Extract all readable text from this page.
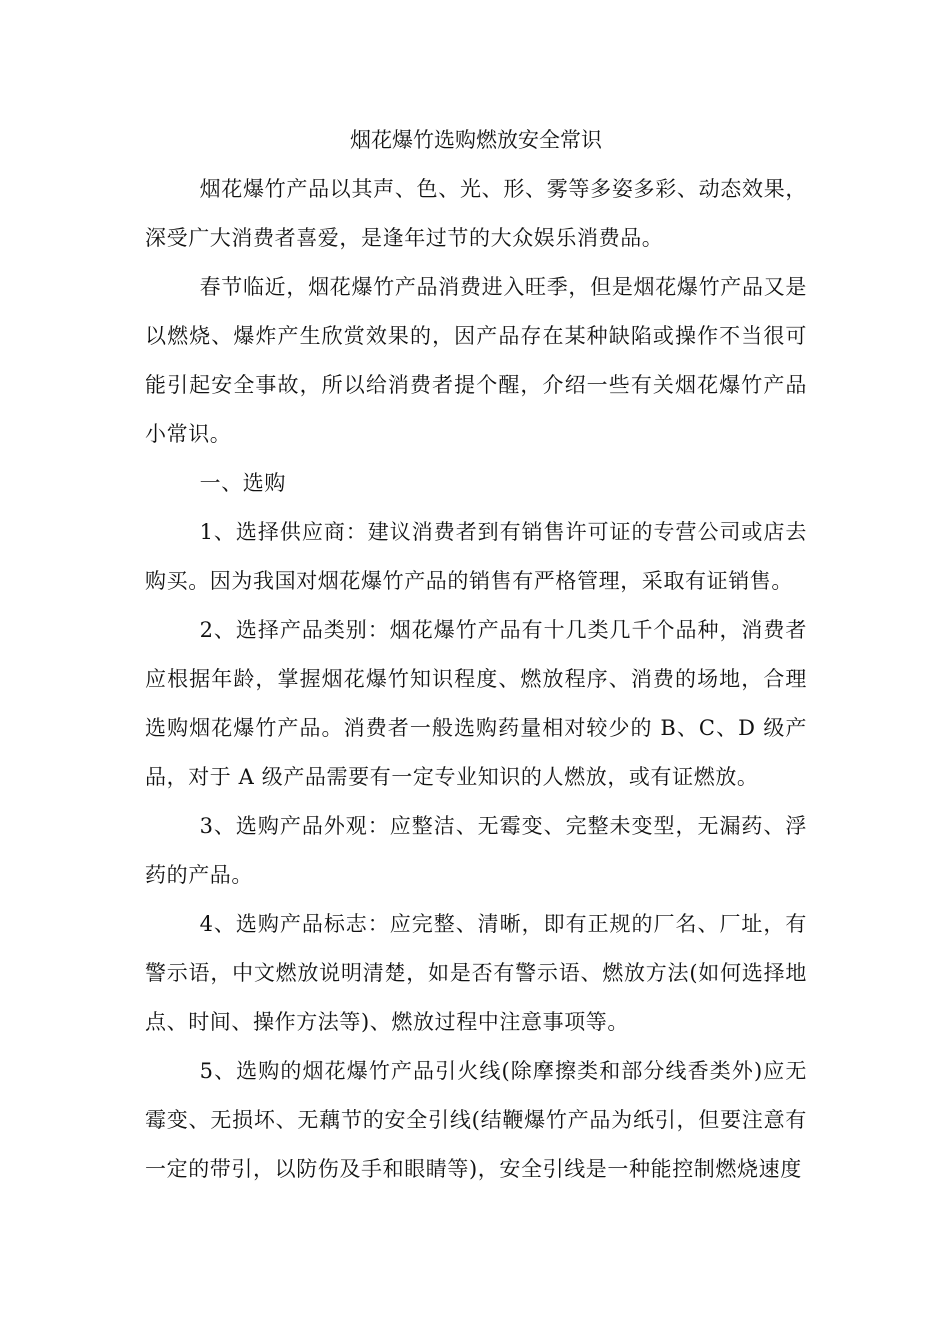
烟花爆竹选购燃放安全常识

烟花爆竹产品以其声、色、光、形、雾等多姿多彩、动态效果，深受广大消费者喜爱，是逢年过节的大众娱乐消费品。

春节临近，烟花爆竹产品消费进入旺季，但是烟花爆竹产品又是以燃烧、爆炸产生欣赏效果的，因产品存在某种缺陷或操作不当很可能引起安全事故，所以给消费者提个醒，介绍一些有关烟花爆竹产品小常识。

一、选购

1、选择供应商：建议消费者到有销售许可证的专营公司或店去购买。因为我国对烟花爆竹产品的销售有严格管理，采取有证销售。

2、选择产品类别：烟花爆竹产品有十几类几千个品种，消费者应根据年龄，掌握烟花爆竹知识程度、燃放程序、消费的场地，合理选购烟花爆竹产品。消费者一般选购药量相对较少的 B、C、D 级产品，对于 A 级产品需要有一定专业知识的人燃放，或有证燃放。

3、选购产品外观：应整洁、无霉变、完整未变型，无漏药、浮药的产品。

4、选购产品标志：应完整、清晰，即有正规的厂名、厂址，有警示语，中文燃放说明清楚，如是否有警示语、燃放方法(如何选择地点、时间、操作方法等)、燃放过程中注意事项等。

5、选购的烟花爆竹产品引火线(除摩擦类和部分线香类外)应无霉变、无损坏、无藕节的安全引线(结鞭爆竹产品为纸引，但要注意有一定的带引，以防伤及手和眼睛等)，安全引线是一种能控制燃烧速度
